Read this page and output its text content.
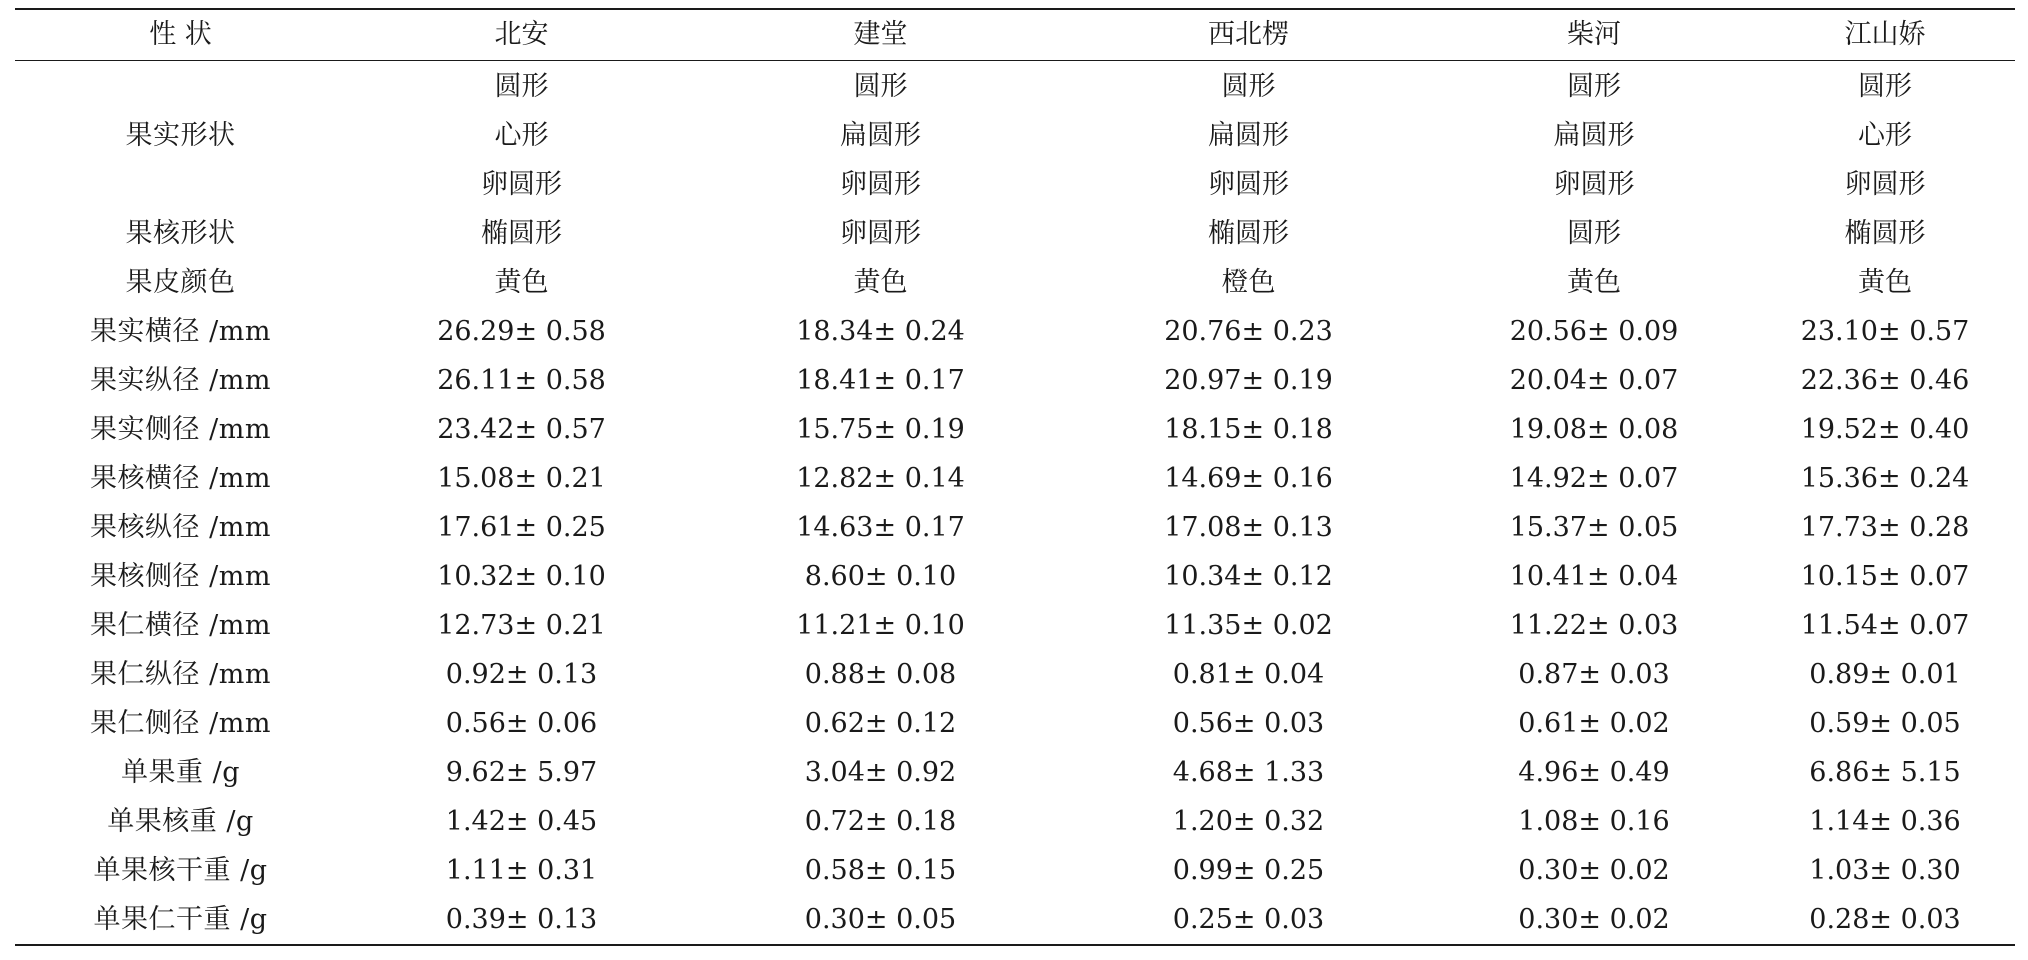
性 状	北安	建堂	西北楞	柴河	江山娇
	圆形	圆形	圆形	圆形	圆形
果实形状	心形	扁圆形	扁圆形	扁圆形	心形
	卵圆形	卵圆形	卵圆形	卵圆形	卵圆形
果核形状	椭圆形	卵圆形	椭圆形	圆形	椭圆形
果皮颜色	黄色	黄色	橙色	黄色	黄色
果实横径 /mm	26.29± 0.58	18.34± 0.24	20.76± 0.23	20.56± 0.09	23.10± 0.57
果实纵径 /mm	26.11± 0.58	18.41± 0.17	20.97± 0.19	20.04± 0.07	22.36± 0.46
果实侧径 /mm	23.42± 0.57	15.75± 0.19	18.15± 0.18	19.08± 0.08	19.52± 0.40
果核横径 /mm	15.08± 0.21	12.82± 0.14	14.69± 0.16	14.92± 0.07	15.36± 0.24
果核纵径 /mm	17.61± 0.25	14.63± 0.17	17.08± 0.13	15.37± 0.05	17.73± 0.28
果核侧径 /mm	10.32± 0.10	8.60± 0.10	10.34± 0.12	10.41± 0.04	10.15± 0.07
果仁横径 /mm	12.73± 0.21	11.21± 0.10	11.35± 0.02	11.22± 0.03	11.54± 0.07
果仁纵径 /mm	0.92± 0.13	0.88± 0.08	0.81± 0.04	0.87± 0.03	0.89± 0.01
果仁侧径 /mm	0.56± 0.06	0.62± 0.12	0.56± 0.03	0.61± 0.02	0.59± 0.05
单果重 /g	9.62± 5.97	3.04± 0.92	4.68± 1.33	4.96± 0.49	6.86± 5.15
单果核重 /g	1.42± 0.45	0.72± 0.18	1.20± 0.32	1.08± 0.16	1.14± 0.36
单果核干重 /g	1.11± 0.31	0.58± 0.15	0.99± 0.25	0.30± 0.02	1.03± 0.30
单果仁干重 /g	0.39± 0.13	0.30± 0.05	0.25± 0.03	0.30± 0.02	0.28± 0.03
